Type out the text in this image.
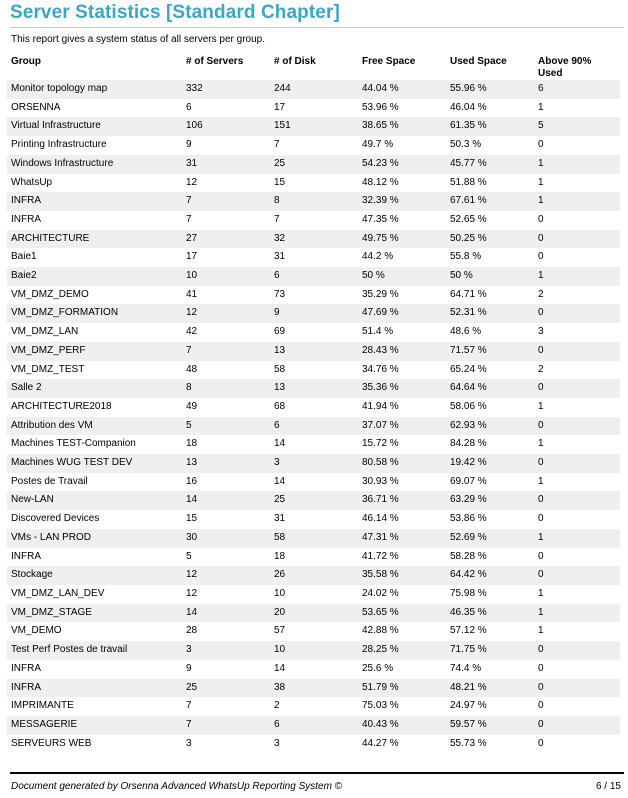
Server Statistics [Standard Chapter]
This report gives a system status of all servers per group.
Group	# of Servers	# of Disk	Free Space	Used Space	Above 90% Used
Monitor topology map	332	244	44.04 %	55.96 %	6
ORSENNA	6	17	53.96 %	46.04 %	1
Virtual Infrastructure	106	151	38.65 %	61.35 %	5
Printing Infrastructure	9	7	49.7 %	50.3 %	0
Windows Infrastructure	31	25	54.23 %	45.77 %	1
WhatsUp	12	15	48.12 %	51.88 %	1
INFRA	7	8	32.39 %	67.61 %	1
INFRA	7	7	47.35 %	52.65 %	0
ARCHITECTURE	27	32	49.75 %	50.25 %	0
Baie1	17	31	44.2 %	55.8 %	0
Baie2	10	6	50 %	50 %	1
VM_DMZ_DEMO	41	73	35.29 %	64.71 %	2
VM_DMZ_FORMATION	12	9	47.69 %	52.31 %	0
VM_DMZ_LAN	42	69	51.4 %	48.6 %	3
VM_DMZ_PERF	7	13	28.43 %	71.57 %	0
VM_DMZ_TEST	48	58	34.76 %	65.24 %	2
Salle 2	8	13	35.36 %	64.64 %	0
ARCHITECTURE2018	49	68	41.94 %	58.06 %	1
Attribution des VM	5	6	37.07 %	62.93 %	0
Machines TEST-Companion	18	14	15.72 %	84.28 %	1
Machines WUG TEST DEV	13	3	80.58 %	19.42 %	0
Postes de Travail	16	14	30.93 %	69.07 %	1
New-LAN	14	25	36.71 %	63.29 %	0
Discovered Devices	15	31	46.14 %	53.86 %	0
VMs - LAN PROD	30	58	47.31 %	52.69 %	1
INFRA	5	18	41.72 %	58.28 %	0
Stockage	12	26	35.58 %	64.42 %	0
VM_DMZ_LAN_DEV	12	10	24.02 %	75.98 %	1
VM_DMZ_STAGE	14	20	53.65 %	46.35 %	1
VM_DEMO	28	57	42.88 %	57.12 %	1
Test Perf Postes de travail	3	10	28.25 %	71.75 %	0
INFRA	9	14	25.6 %	74.4 %	0
INFRA	25	38	51.79 %	48.21 %	0
IMPRIMANTE	7	2	75.03 %	24.97 %	0
MESSAGERIE	7	6	40.43 %	59.57 %	0
SERVEURS WEB	3	3	44.27 %	55.73 %	0
Document generated by Orsenna Advanced WhatsUp Reporting System ©	6 / 15
